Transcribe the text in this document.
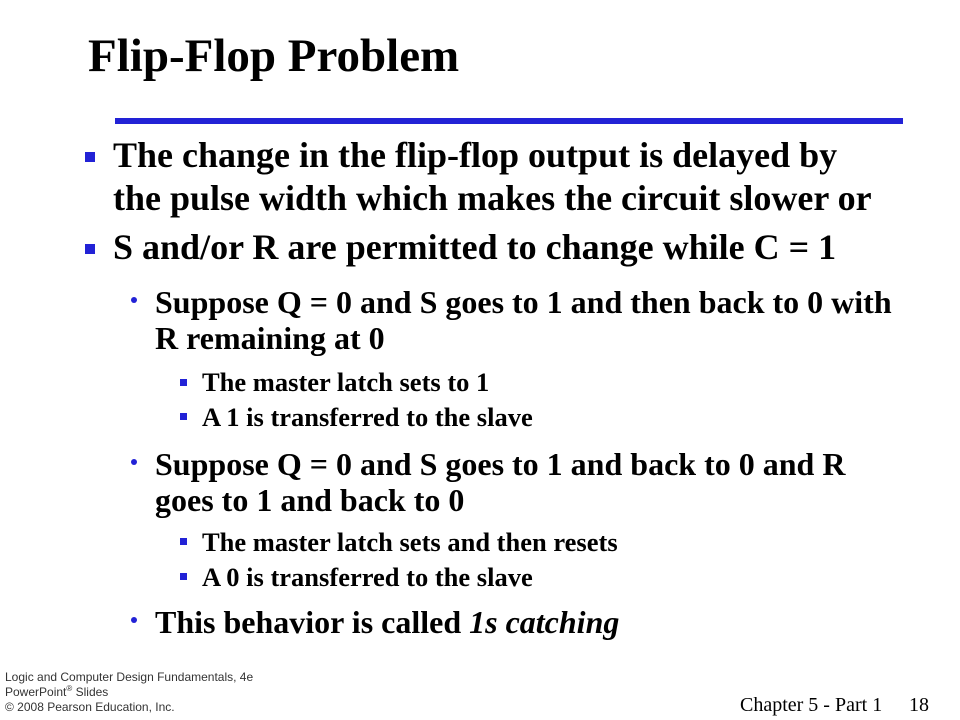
Flip-Flop Problem
The change in the flip-flop output is delayed by
the pulse width which makes the circuit slower or
S and/or R are permitted to change while C = 1
Suppose Q = 0 and S goes to 1 and then back to 0 with
R remaining at 0
The master latch sets to 1
A 1 is transferred to the slave
Suppose Q = 0 and S goes to 1 and back to 0 and R
goes to 1 and back to 0
The master latch sets and then resets
A 0 is transferred to the slave
This behavior is called 1s catching
Logic and Computer Design Fundamentals, 4e
PowerPoint® Slides
© 2008 Pearson Education, Inc.	Chapter 5 - Part 1 18
